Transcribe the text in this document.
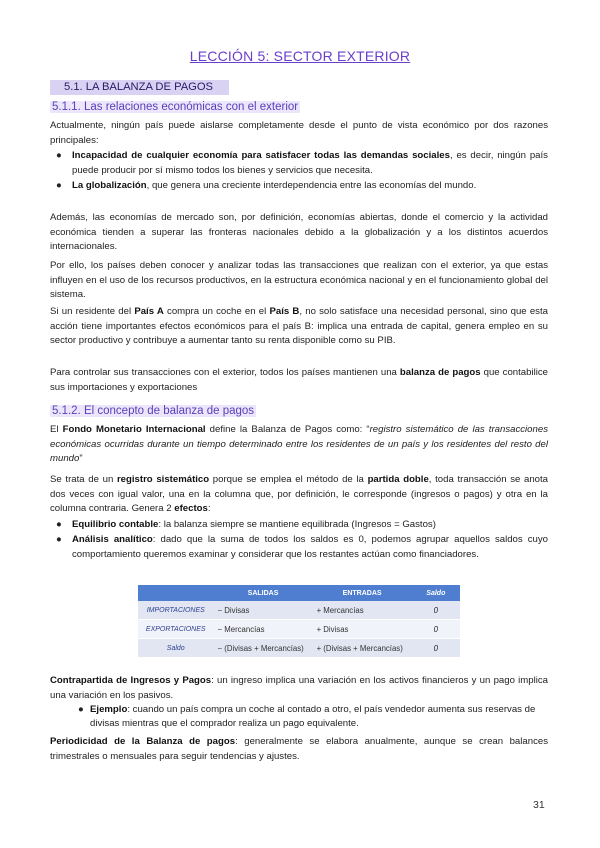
LECCIÓN 5: SECTOR EXTERIOR
5.1. LA BALANZA DE PAGOS
5.1.1. Las relaciones económicas con el exterior
Actualmente, ningún país puede aislarse completamente desde el punto de vista económico por dos razones principales:
● Incapacidad de cualquier economía para satisfacer todas las demandas sociales, es decir, ningún país puede producir por sí mismo todos los bienes y servicios que necesita.
● La globalización, que genera una creciente interdependencia entre las economías del mundo.
Además, las economías de mercado son, por definición, economías abiertas, donde el comercio y la actividad económica tienden a superar las fronteras nacionales debido a la globalización y a los distintos acuerdos internacionales.
Por ello, los países deben conocer y analizar todas las transacciones que realizan con el exterior, ya que estas influyen en el uso de los recursos productivos, en la estructura económica nacional y en el funcionamiento global del sistema.
Si un residente del País A compra un coche en el País B, no solo satisface una necesidad personal, sino que esta acción tiene importantes efectos económicos para el país B: implica una entrada de capital, genera empleo en su sector productivo y contribuye a aumentar tanto su renta disponible como su PIB.
Para controlar sus transacciones con el exterior, todos los países mantienen una balanza de pagos que contabilice sus importaciones y exportaciones
5.1.2. El concepto de balanza de pagos
El Fondo Monetario Internacional define la Balanza de Pagos como: “registro sistemático de las transacciones económicas ocurridas durante un tiempo determinado entre los residentes de un país y los residentes del resto del mundo”
Se trata de un registro sistemático porque se emplea el método de la partida doble, toda transacción se anota dos veces con igual valor, una en la columna que, por definición, le corresponde (ingresos o pagos) y otra en la columna contraria. Genera 2 efectos:
● Equilibrio contable: la balanza siempre se mantiene equilibrada (Ingresos = Gastos)
● Análisis analítico: dado que la suma de todos los saldos es 0, podemos agrupar aquellos saldos cuyo comportamiento queremos examinar y considerar que los restantes actúan como financiadores.
	SALIDAS	ENTRADAS	Saldo
IMPORTACIONES	− Divisas	+ Mercancías	0
EXPORTACIONES	− Mercancías	+ Divisas	0
Saldo	− (Divisas + Mercancías)	+ (Divisas + Mercancías)	0
Contrapartida de Ingresos y Pagos: un ingreso implica una variación en los activos financieros y un pago implica una variación en los pasivos.
● Ejemplo: cuando un país compra un coche al contado a otro, el país vendedor aumenta sus reservas de divisas mientras que el comprador realiza un pago equivalente.
Periodicidad de la Balanza de pagos: generalmente se elabora anualmente, aunque se crean balances trimestrales o mensuales para seguir tendencias y ajustes.
31
